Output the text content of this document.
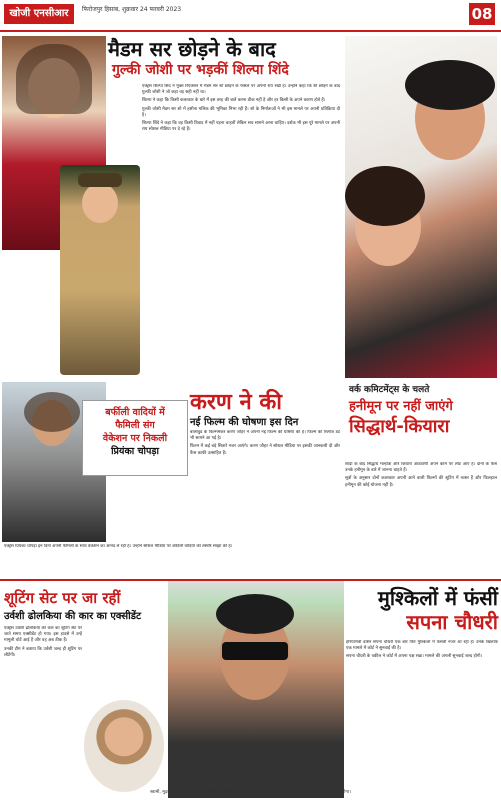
खोजी एनसीआर	फिरोजपुर हिसाब, शुक्रवार 24 फरवरी 2023	08
मैडम सर छोड़ने के बाद
गुल्की जोशी पर भड़कीं शिल्पा शिंदे

एक्ट्रेस शिल्पा शिंदे ने मुक्त रिएक्शन में मैडम सर शो छोड़ने के फैसले पर अपनी राय रखी है। उन्होंने कहा कि शो छोड़ने के बाद गुल्की जोशी ने जो कहा वह सही नहीं था।

शिल्पा ने कहा कि किसी कलाकार के बारे में इस तरह की बातें करना ठीक नहीं है और हर किसी के अपने कारण होते हैं।

गुल्की जोशी मैडम सर शो में हसीना मलिक की भूमिका निभा रही हैं। शो के निर्माताओं ने भी इस मामले पर अपनी प्रतिक्रिया दी है।

शिल्पा शिंदे ने कहा कि वह किसी विवाद में नहीं पड़ना चाहतीं लेकिन सच सामने आना चाहिए। दर्शक भी इस पूरे मामले पर अपनी राय सोशल मीडिया पर दे रहे हैं।

वर्क कमिटमेंट्स के चलते
हनीमून पर नहीं जाएंगे
सिद्धार्थ-कियारा

शादी के बाद सिद्धार्थ मल्होत्रा और कियारा आडवाणी अपने काम पर लौट आए हैं। दोनों के फैंस उनके हनीमून के बारे में जानना चाहते हैं।

सूत्रों के अनुसार दोनों कलाकार अपनी आने वाली फिल्मों की शूटिंग में व्यस्त हैं और फिलहाल हनीमून की कोई योजना नहीं है।

बर्फीली वादियों में
फैमिली संग
वेकेशन पर निकली
प्रियंका चोपड़ा

एक्ट्रेस प्रियंका चोपड़ा इन दिनों अपनी फैमिली के साथ वेकेशन का आनंद ले रही हैं। उन्होंने सोशल मीडिया पर बर्फीली वादियों की तस्वीरें साझा की हैं।

करण ने की
नई फिल्म की घोषणा इस दिन

बॉलीवुड के फिल्ममेकर करण जौहर ने अपनी नई फिल्म की घोषणा की है। फिल्म की रिलीज डेट भी सामने आ गई है।

फिल्म में कई बड़े सितारे नजर आएंगे। करण जौहर ने सोशल मीडिया पर इसकी जानकारी दी और फैंस काफी उत्साहित हैं।

शूटिंग सेट पर जा रहीं
उर्वशी ढोलकिया की कार का एक्सीडेंट

एक्ट्रेस उर्वशी ढोलकिया की कार का शूटिंग सेट पर जाते समय एक्सीडेंट हो गया। इस हादसे में उन्हें मामूली चोटें आई हैं और वह अब ठीक हैं।

उनकी टीम ने बताया कि उर्वशी जल्द ही शूटिंग पर लौटेंगी।

मुश्किलों में फंसीं
सपना चौधरी

हरियाणवी डांसर सपना चौधरी एक बार फिर मुश्किलों में फंसती नजर आ रही हैं। उनके खिलाफ एक मामले में कोर्ट ने सुनवाई की है।

सपना चौधरी के वकील ने कोर्ट में अपना पक्ष रखा। मामले की अगली सुनवाई जल्द होगी।

स्वामी, मुद्रक एवं प्रकाशक द्वारा प्रकाशित एवं मुद्रित। संपादक: फिरोजपुर हिसाब। सभी विवादों का न्याय क्षेत्र फिरोजपुर होगा।
